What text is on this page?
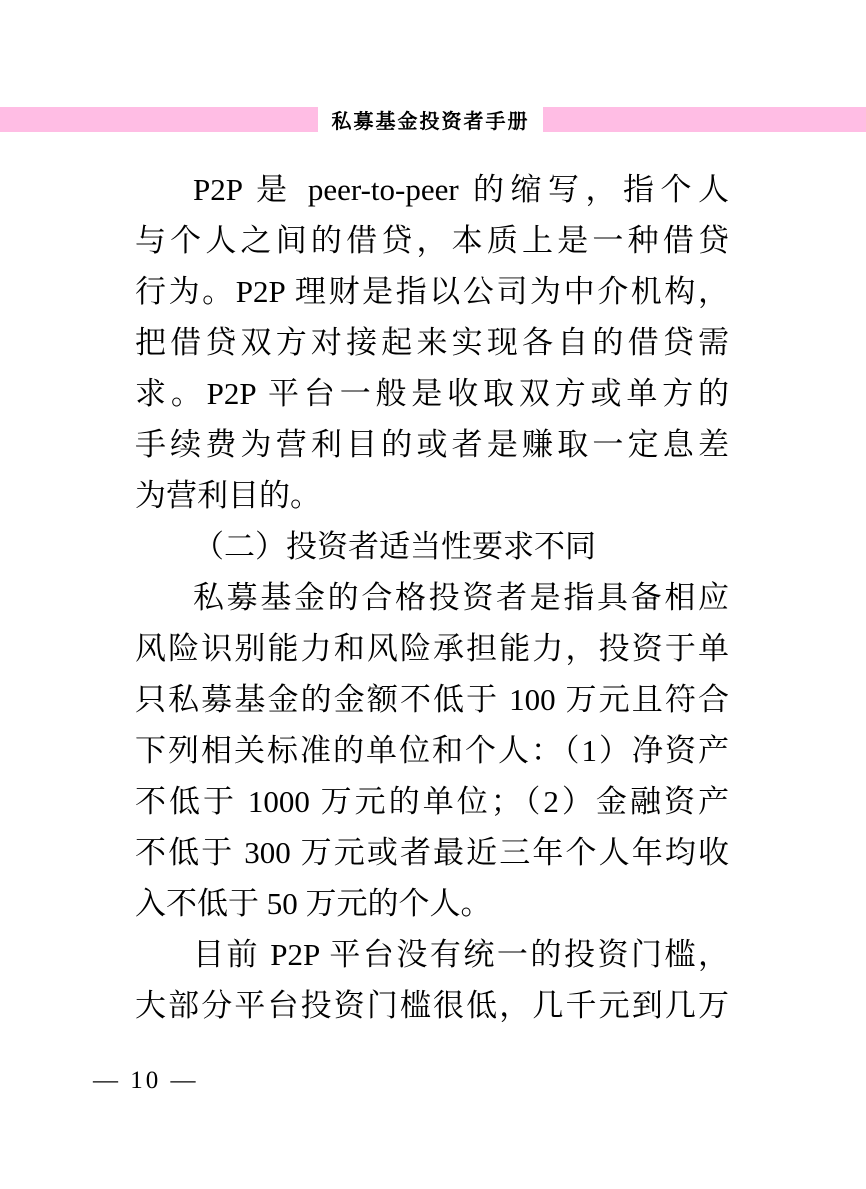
私募基金投资者手册
P2P 是 peer-to-peer 的缩写，指个人
与个人之间的借贷，本质上是一种借贷
行为。P2P 理财是指以公司为中介机构，
把借贷双方对接起来实现各自的借贷需
求。P2P 平台一般是收取双方或单方的
手续费为营利目的或者是赚取一定息差
为营利目的。
（二）投资者适当性要求不同
私募基金的合格投资者是指具备相应
风险识别能力和风险承担能力，投资于单
只私募基金的金额不低于 100 万元且符合
下列相关标准的单位和个人：（1）净资产
不低于 1000 万元的单位；（2）金融资产
不低于 300 万元或者最近三年个人年均收
入不低于 50 万元的个人。
目前 P2P 平台没有统一的投资门槛，
大部分平台投资门槛很低，几千元到几万
— 10 —
